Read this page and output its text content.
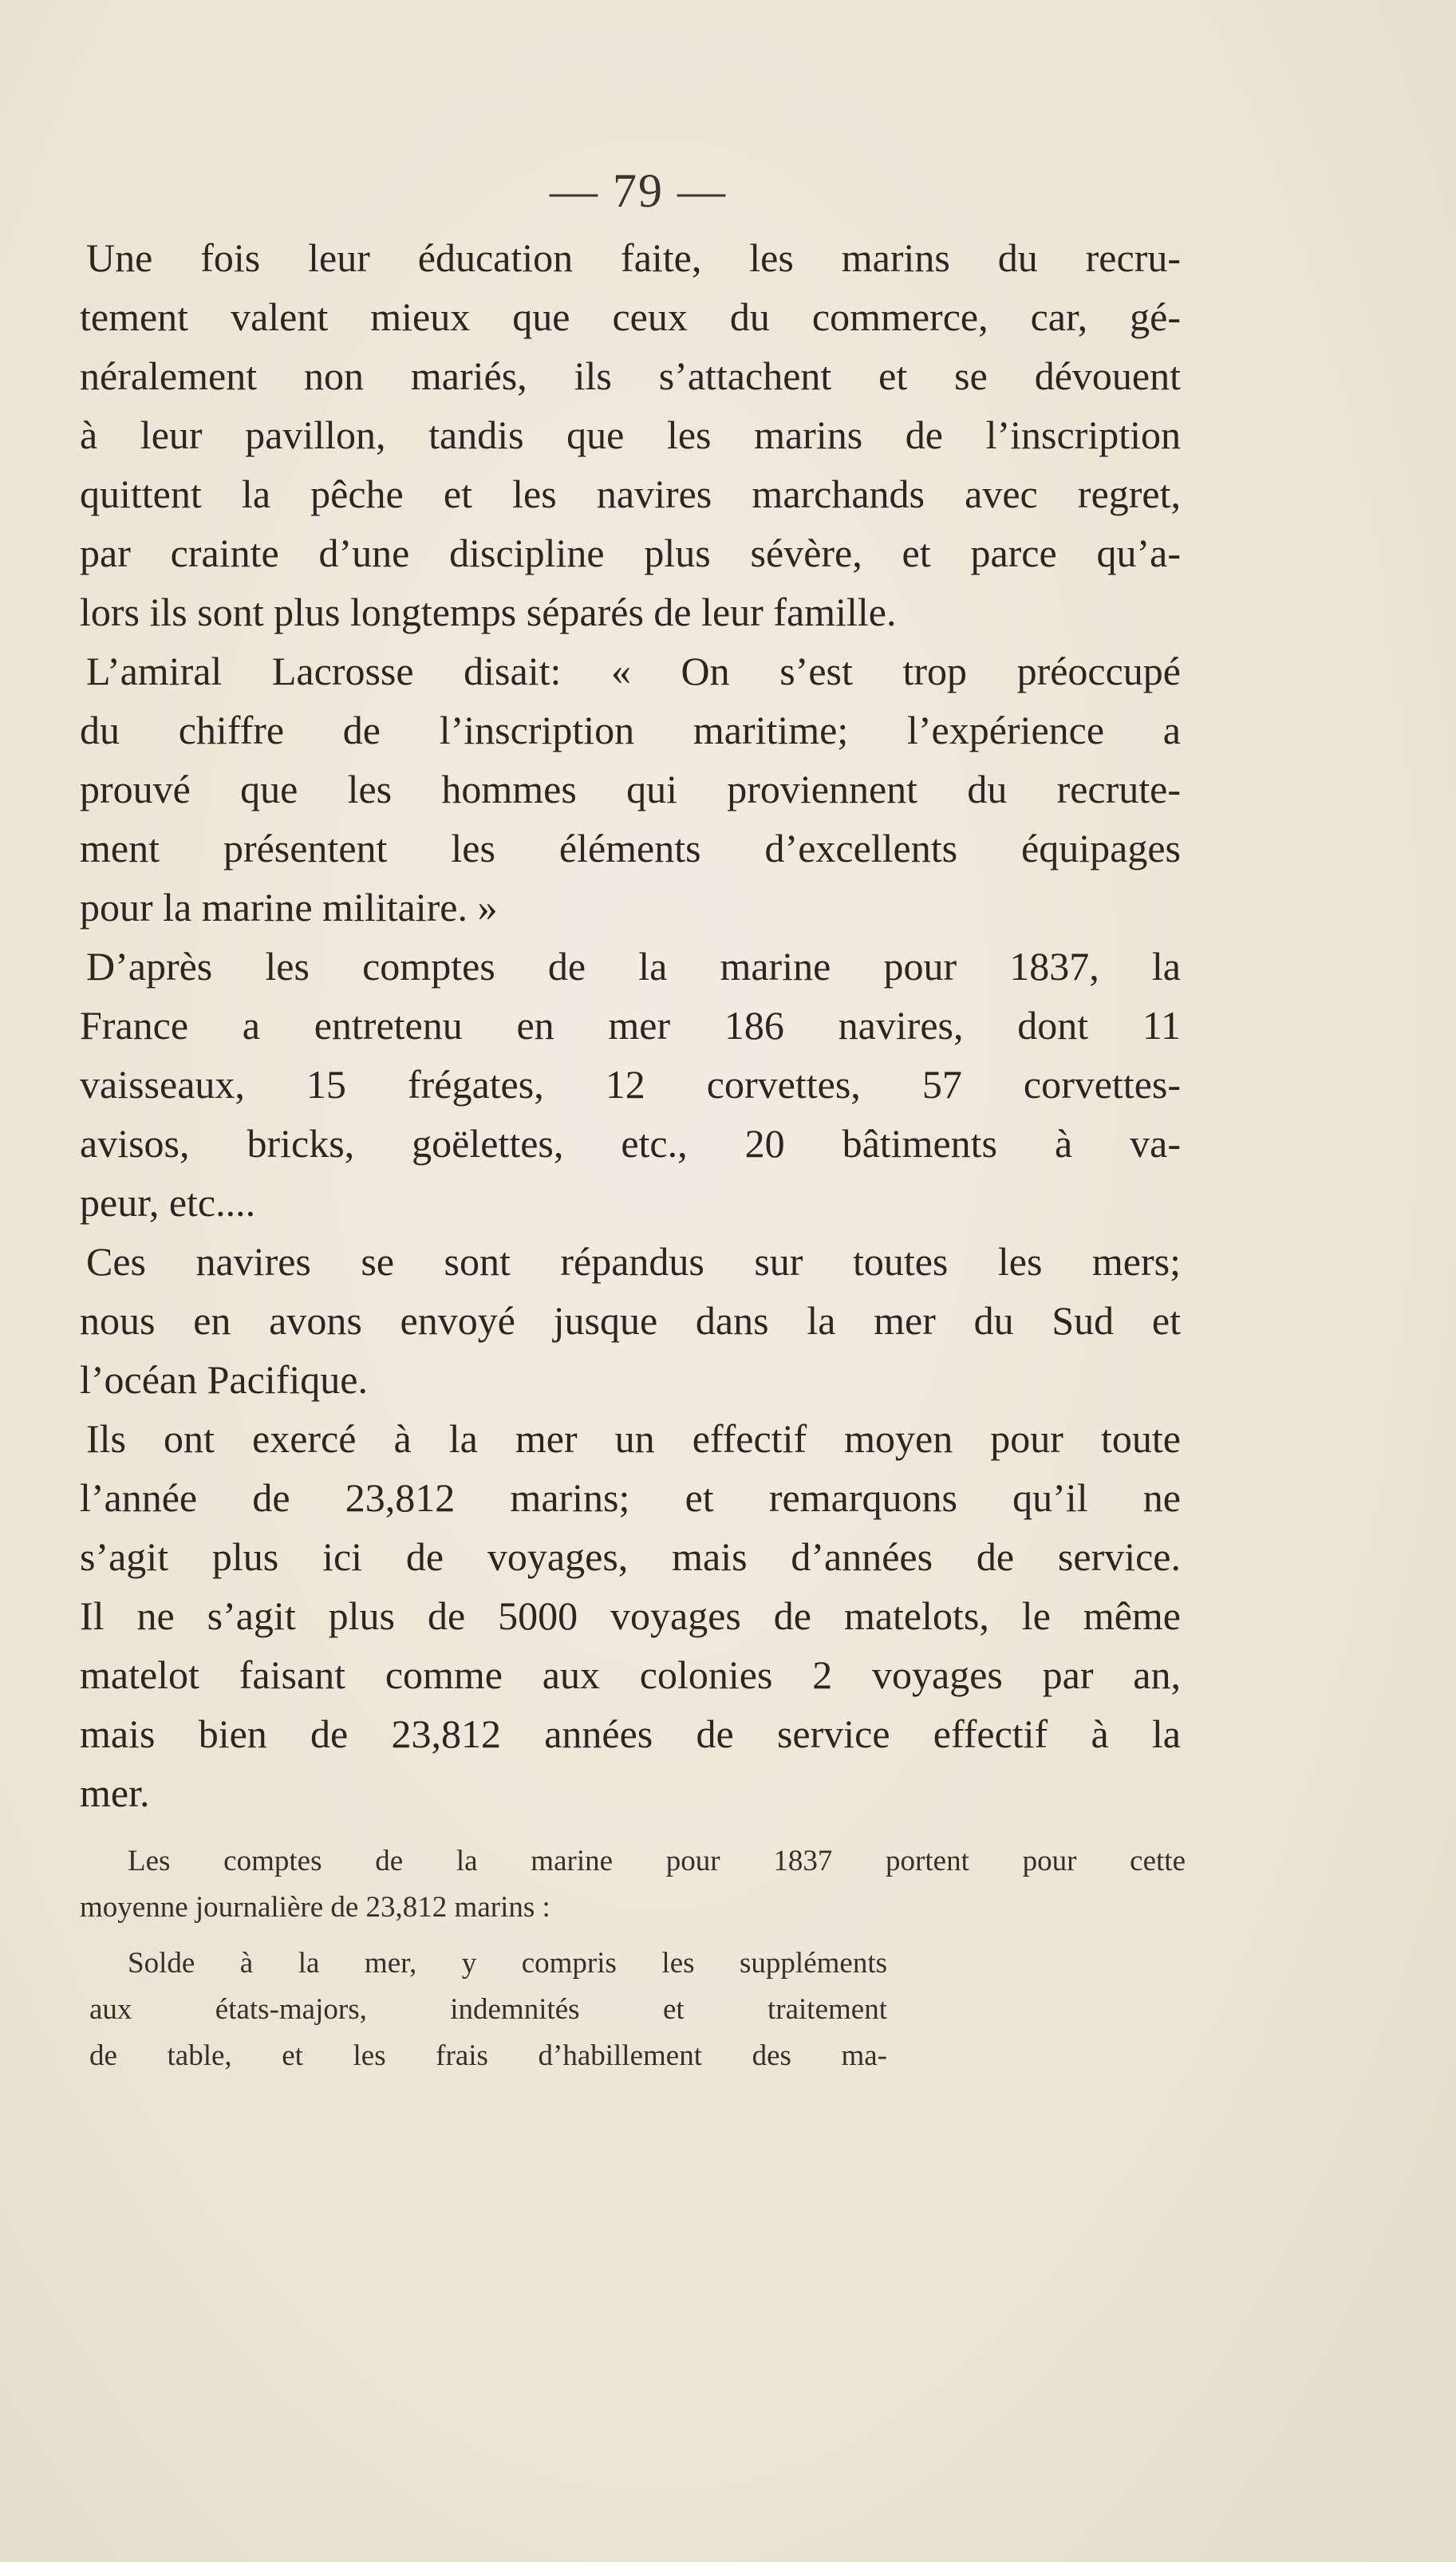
— 79 —
Une fois leur éducation faite, les marins du recru-
tement valent mieux que ceux du commerce, car, gé-
néralement non mariés, ils s’attachent et se dévouent
à leur pavillon, tandis que les marins de l’inscription
quittent la pêche et les navires marchands avec regret,
par crainte d’une discipline plus sévère, et parce qu’a-
lors ils sont plus longtemps séparés de leur famille.
L’amiral Lacrosse disait: « On s’est trop préoccupé
du chiffre de l’inscription maritime; l’expérience a
prouvé que les hommes qui proviennent du recrute-
ment présentent les éléments d’excellents équipages
pour la marine militaire. »
D’après les comptes de la marine pour 1837, la
France a entretenu en mer 186 navires, dont 11
vaisseaux, 15 frégates, 12 corvettes, 57 corvettes-
avisos, bricks, goëlettes, etc., 20 bâtiments à va-
peur, etc....
Ces navires se sont répandus sur toutes les mers;
nous en avons envoyé jusque dans la mer du Sud et
l’océan Pacifique.
Ils ont exercé à la mer un effectif moyen pour toute
l’année de 23,812 marins; et remarquons qu’il ne
s’agit plus ici de voyages, mais d’années de service.
Il ne s’agit plus de 5000 voyages de matelots, le même
matelot faisant comme aux colonies 2 voyages par an,
mais bien de 23,812 années de service effectif à la
mer.
Les comptes de la marine pour 1837 portent pour cette
moyenne journalière de 23,812 marins :
Solde à la mer, y compris les suppléments
aux états-majors, indemnités et traitement
de table, et les frais d’habillement des ma-
